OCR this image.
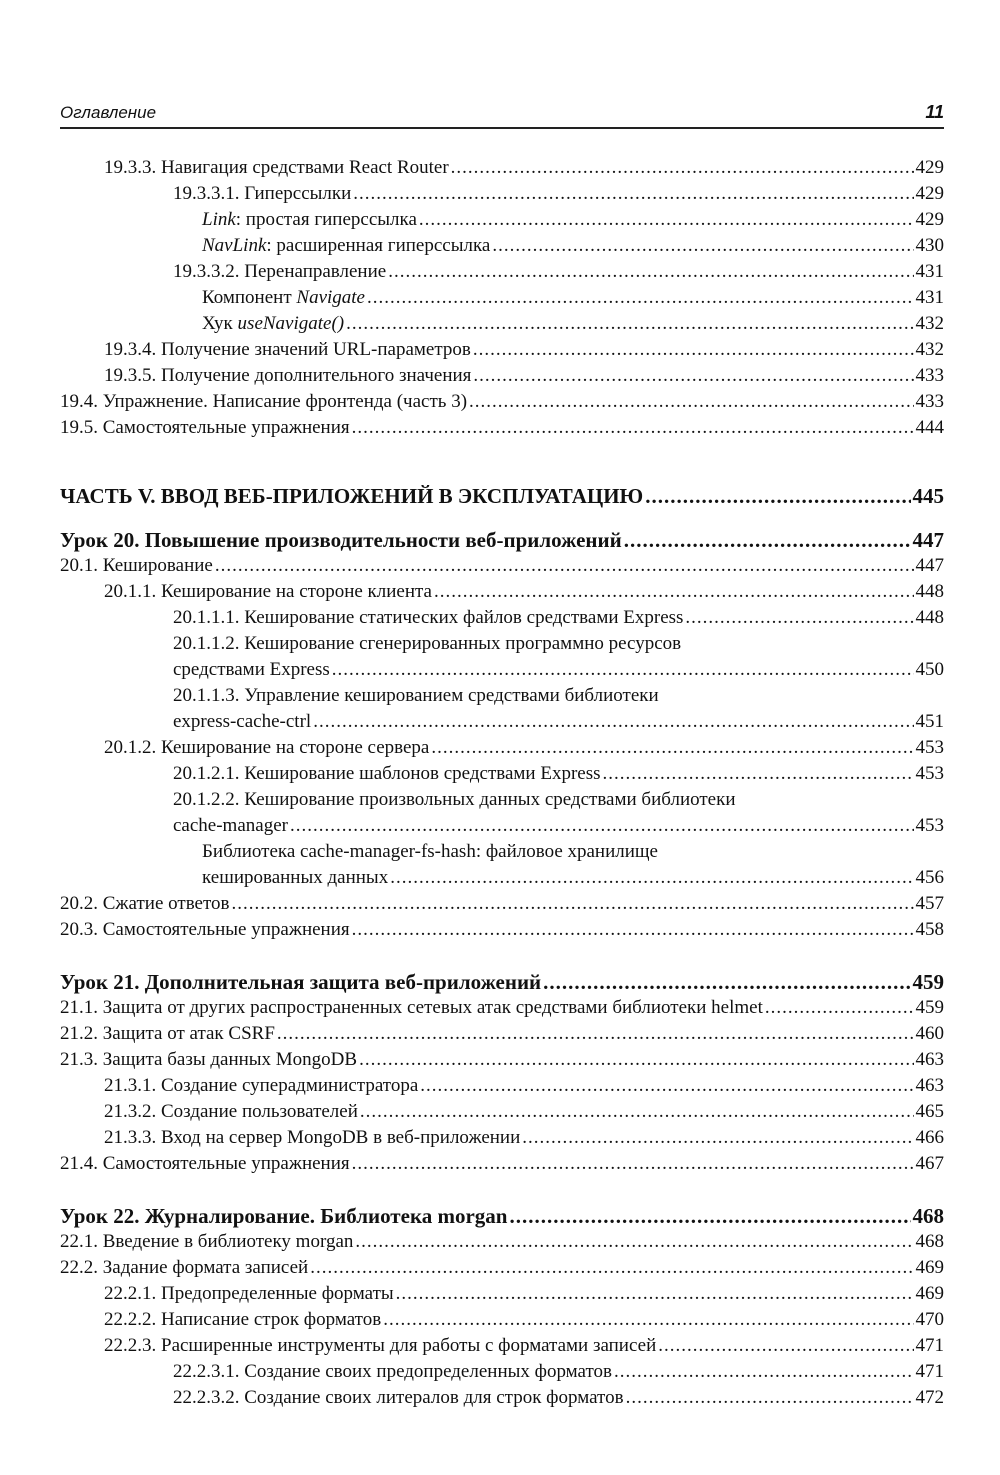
Оглавление	11
19.3.3. Навигация средствами React Router .....	429
19.3.3.1. Гиперссылки .....	429
Link: простая гиперссылка .....	429
NavLink: расширенная гиперссылка .....	430
19.3.3.2. Перенаправление .....	431
Компонент Navigate .....	431
Хук useNavigate() .....	432
19.3.4. Получение значений URL-параметров .....	432
19.3.5. Получение дополнительного значения .....	433
19.4. Упражнение. Написание фронтенда (часть 3) .....	433
19.5. Самостоятельные упражнения .....	444
ЧАСТЬ V. ВВОД ВЕБ-ПРИЛОЖЕНИЙ В ЭКСПЛУАТАЦИЮ .....	445
Урок 20. Повышение производительности веб-приложений .....	447
20.1. Кеширование .....	447
20.1.1. Кеширование на стороне клиента .....	448
20.1.1.1. Кеширование статических файлов средствами Express .....	448
20.1.1.2. Кеширование сгенерированных программно ресурсов
средствами Express .....	450
20.1.1.3. Управление кешированием средствами библиотеки
express-cache-ctrl .....	451
20.1.2. Кеширование на стороне сервера .....	453
20.1.2.1. Кеширование шаблонов средствами Express .....	453
20.1.2.2. Кеширование произвольных данных средствами библиотеки
cache-manager .....	453
Библиотека cache-manager-fs-hash: файловое хранилище
кешированных данных .....	456
20.2. Сжатие ответов .....	457
20.3. Самостоятельные упражнения .....	458
Урок 21. Дополнительная защита веб-приложений .....	459
21.1. Защита от других распространенных сетевых атак средствами библиотеки helmet .....	459
21.2. Защита от атак CSRF .....	460
21.3. Защита базы данных MongoDB .....	463
21.3.1. Создание суперадминистратора .....	463
21.3.2. Создание пользователей .....	465
21.3.3. Вход на сервер MongoDB в веб-приложении .....	466
21.4. Самостоятельные упражнения .....	467
Урок 22. Журналирование. Библиотека morgan .....	468
22.1. Введение в библиотеку morgan .....	468
22.2. Задание формата записей .....	469
22.2.1. Предопределенные форматы .....	469
22.2.2. Написание строк форматов .....	470
22.2.3. Расширенные инструменты для работы с форматами записей .....	471
22.2.3.1. Создание своих предопределенных форматов .....	471
22.2.3.2. Создание своих литералов для строк форматов .....	472
